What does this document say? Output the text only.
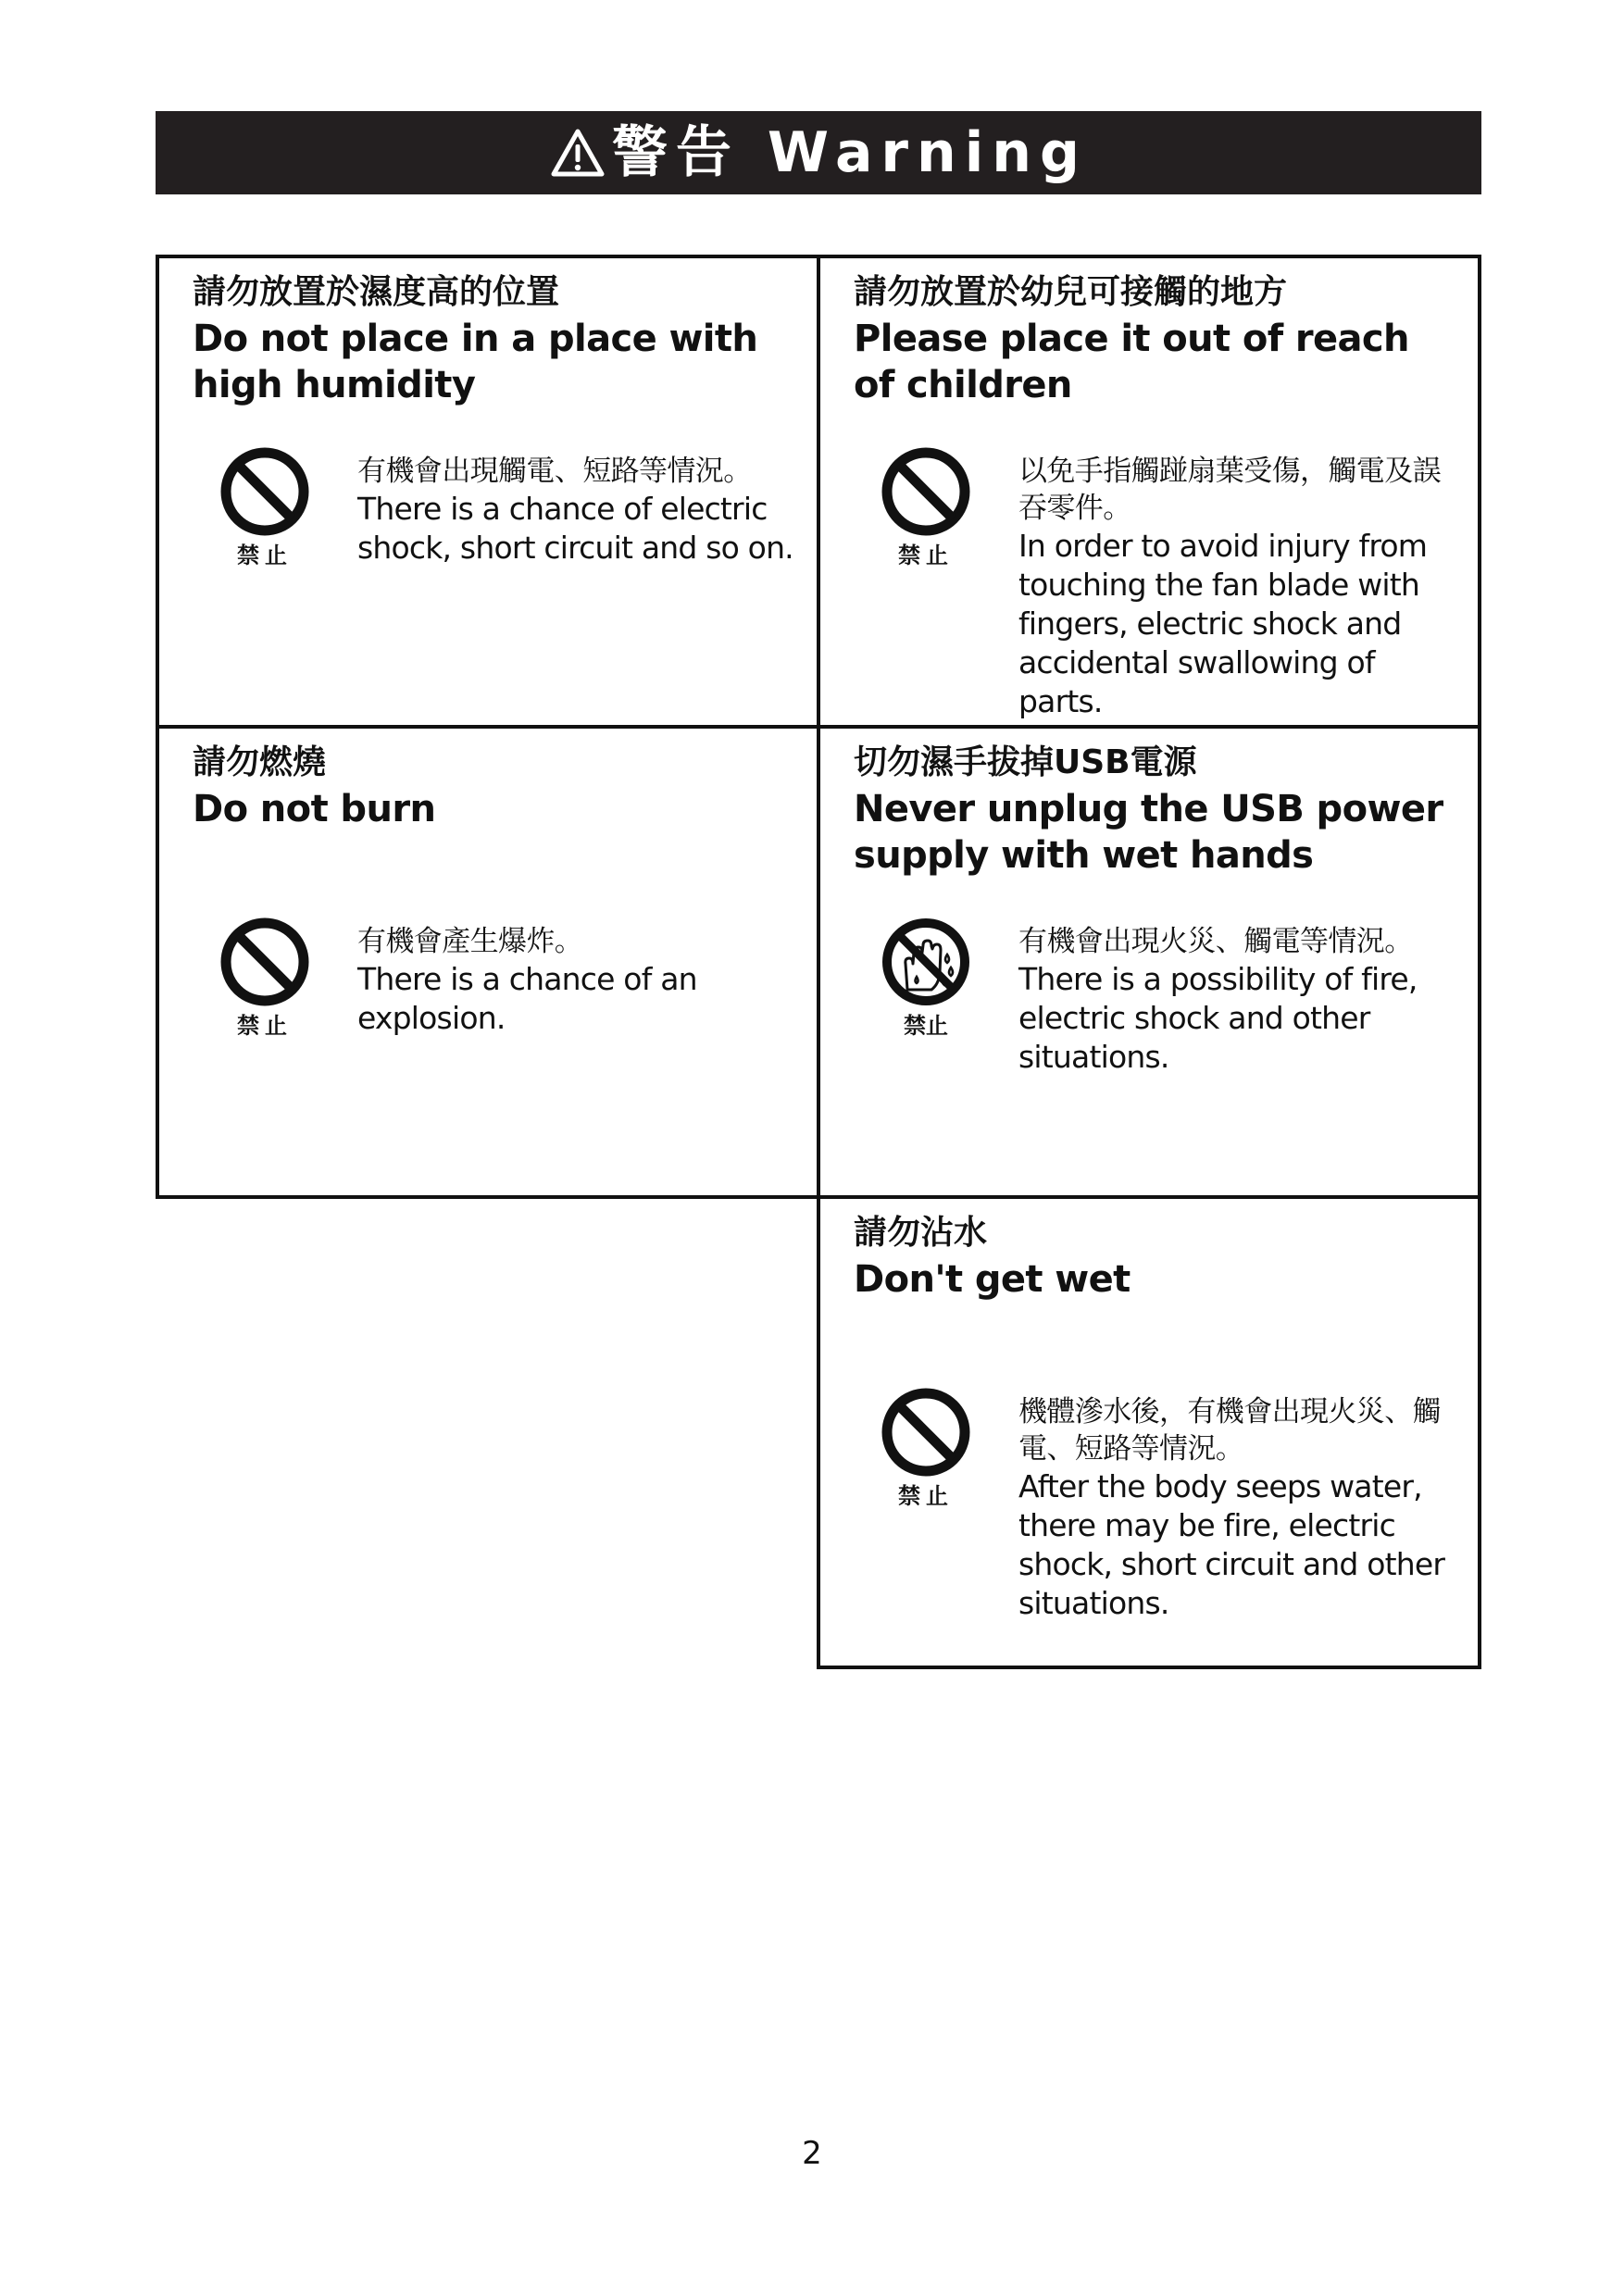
警告 Warning
請勿放置於濕度高的位置
Do not place in a place with high humidity
禁止
有機會出現觸電、短路等情況。
There is a chance of electric shock, short circuit and so on.
請勿放置於幼兒可接觸的地方
Please place it out of reach of children
禁止
以免手指觸踫扇葉受傷，觸電及誤吞零件。
In order to avoid injury from touching the fan blade with fingers, electric shock and accidental swallowing of parts.
請勿燃燒
Do not burn
禁止
有機會產生爆炸。
There is a chance of an explosion.
切勿濕手拔掉USB電源
Never unplug the USB power supply with wet hands
禁止
有機會出現火災、觸電等情況。
There is a possibility of fire, electric shock and other situations.
請勿沾水
Don't get wet
禁止
機體滲水後，有機會出現火災、觸電、短路等情況。
After the body seeps water, there may be fire, electric shock, short circuit and other situations.
2
